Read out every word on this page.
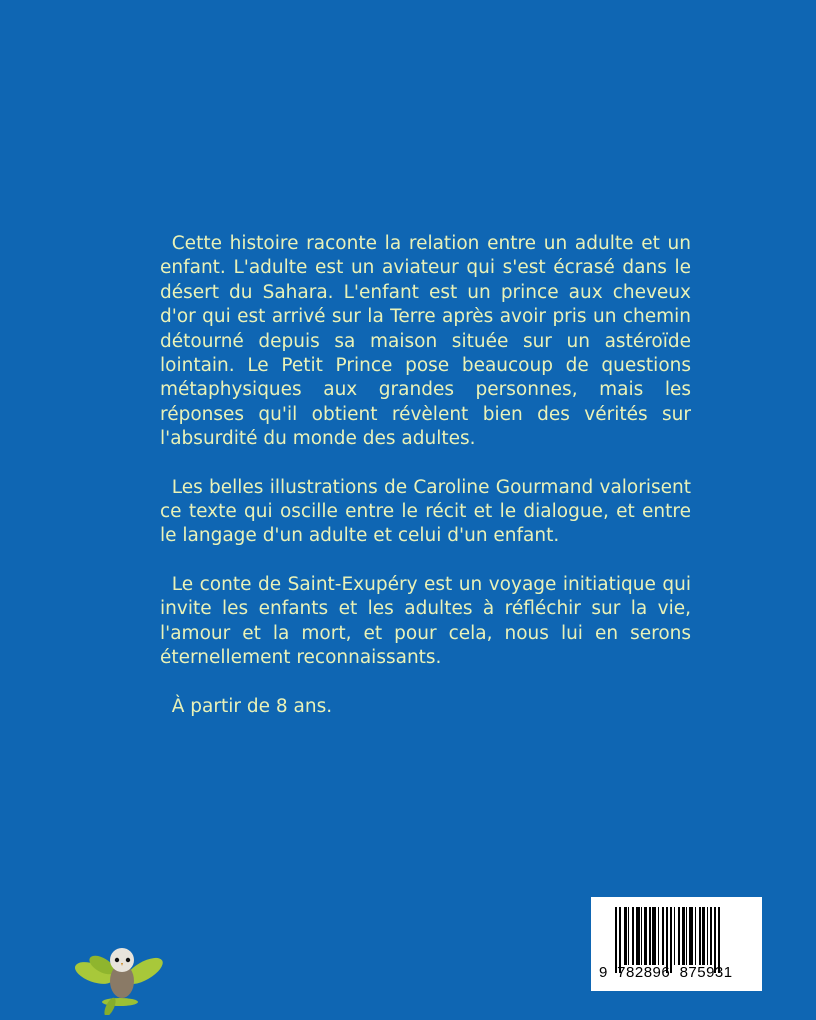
Cette histoire raconte la relation entre un adulte et un enfant. L'adulte est un aviateur qui s'est écrasé dans le désert du Sahara. L'enfant est un prince aux cheveux d'or qui est arrivé sur la Terre après avoir pris un chemin détourné depuis sa maison située sur un astéroïde lointain. Le Petit Prince pose beaucoup de questions métaphysiques aux grandes personnes, mais les réponses qu'il obtient révèlent bien des vérités sur l'absurdité du monde des adultes.

Les belles illustrations de Caroline Gourmand valorisent ce texte qui oscille entre le récit et le dialogue, et entre le langage d'un adulte et celui d'un enfant.

Le conte de Saint-Exupéry est un voyage initiatique qui invite les enfants et les adultes à réfléchir sur la vie, l'amour et la mort, et pour cela, nous lui en serons éternellement reconnaissants.

À partir de 8 ans.

9  782896  875931
